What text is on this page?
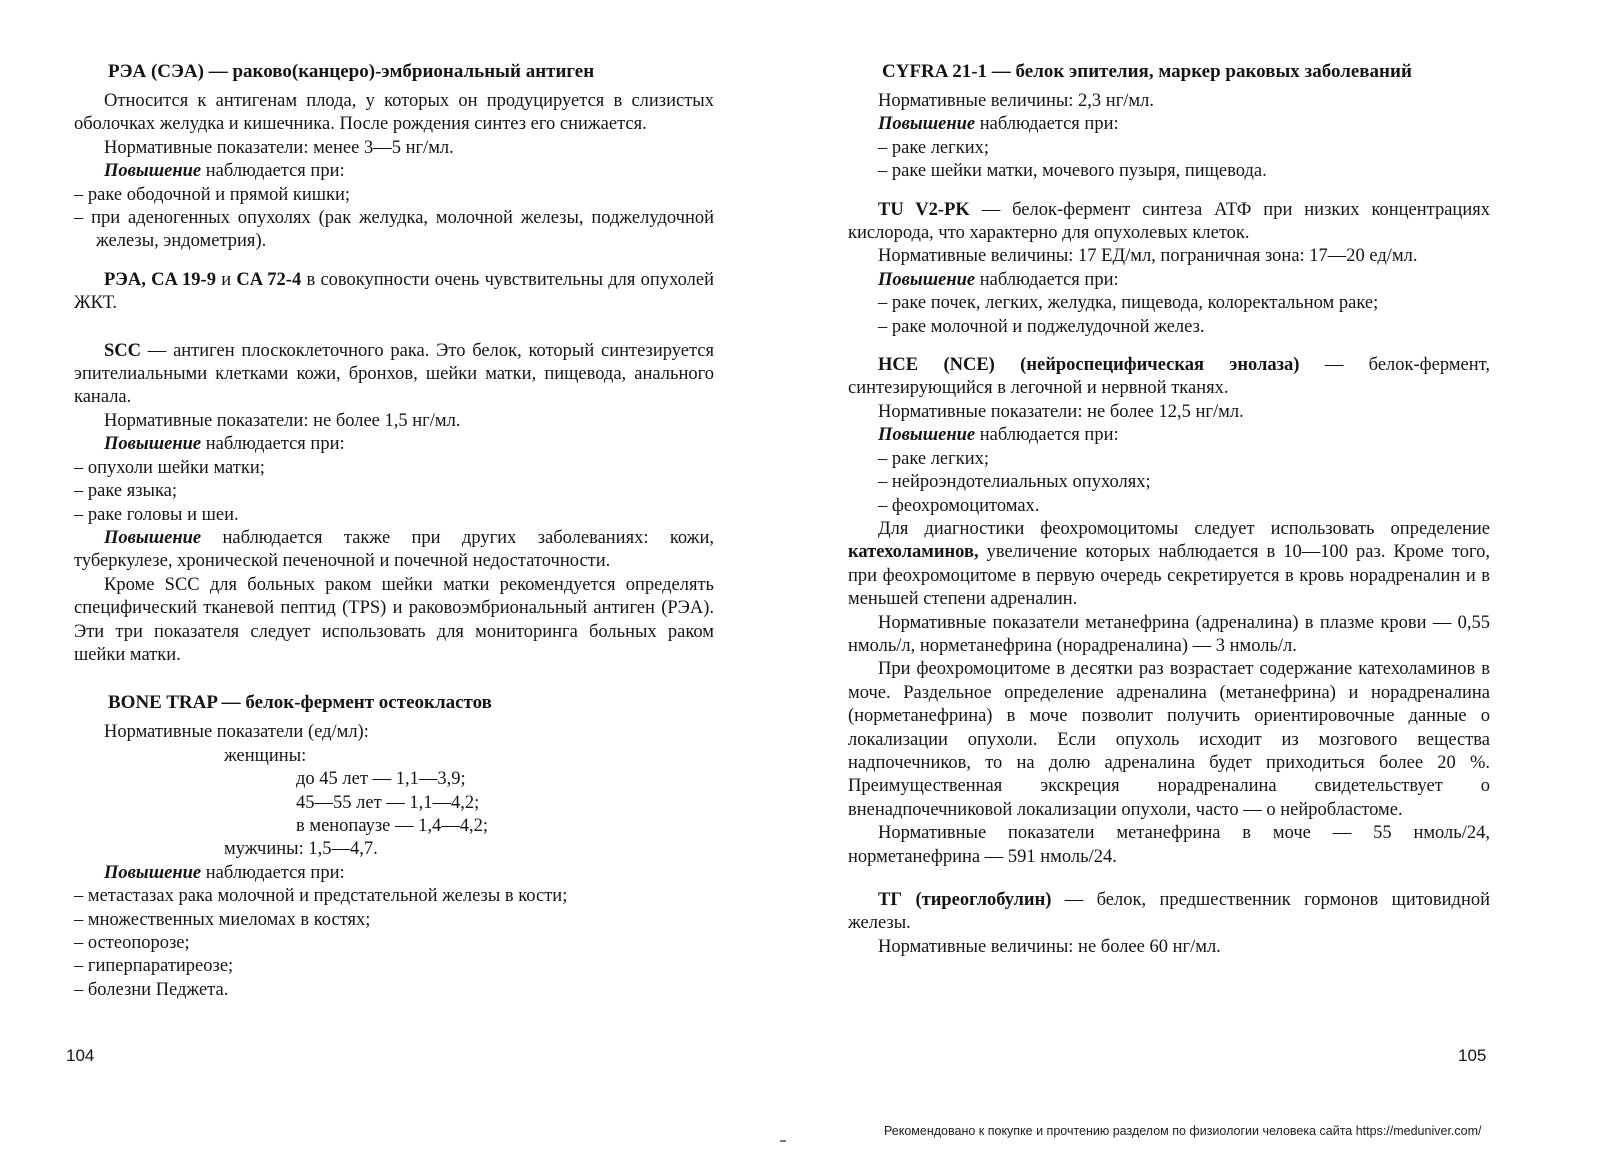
РЭА (СЭА) — раково(канцеро)-эмбриональный антиген

Относится к антигенам плода, у которых он продуцируется в слизистых оболочках желудка и кишечника. После рождения синтез его снижается.

Нормативные показатели: менее 3—5 нг/мл.

Повышение наблюдается при:

– раке ободочной и прямой кишки;
– при аденогенных опухолях (рак желудка, молочной железы, поджелудочной железы, эндометрия).

РЭА, CA 19-9 и CA 72-4 в совокупности очень чувствительны для опухолей ЖКТ.

SCC — антиген плоскоклеточного рака. Это белок, который синтезируется эпителиальными клетками кожи, бронхов, шейки матки, пищевода, анального канала.

Нормативные показатели: не более 1,5 нг/мл.

Повышение наблюдается при:

– опухоли шейки матки;
– раке языка;
– раке головы и шеи.

Повышение наблюдается также при других заболеваниях: кожи, туберкулезе, хронической печеночной и почечной недостаточности.

Кроме SCC для больных раком шейки матки рекомендуется определять специфический тканевой пептид (TPS) и раковоэмбриональный антиген (РЭА). Эти три показателя следует использовать для мониторинга больных раком шейки матки.

BONE TRAP — белок-фермент остеокластов

Нормативные показатели (ед/мл):

женщины:

до 45 лет — 1,1—3,9;

45—55 лет — 1,1—4,2;

в менопаузе — 1,4—4,2;

мужчины: 1,5—4,7.

Повышение наблюдается при:

– метастазах рака молочной и предстательной железы в кости;
– множественных миеломах в костях;
– остеопорозе;
– гиперпаратиреозе;
– болезни Педжета.
104
CYFRA 21-1 — белок эпителия, маркер раковых заболеваний

Нормативные величины: 2,3 нг/мл.

Повышение наблюдается при:

– раке легких;
– раке шейки матки, мочевого пузыря, пищевода.

TU V2-PK — белок-фермент синтеза АТФ при низких концентрациях кислорода, что характерно для опухолевых клеток.

Нормативные величины: 17 ЕД/мл, пограничная зона: 17—20 ед/мл.

Повышение наблюдается при:

– раке почек, легких, желудка, пищевода, колоректальном раке;
– раке молочной и поджелудочной желез.

НСЕ (NCE) (нейроспецифическая энолаза) — белок-фермент, синтезирующийся в легочной и нервной тканях.

Нормативные показатели: не более 12,5 нг/мл.

Повышение наблюдается при:

– раке легких;
– нейроэндотелиальных опухолях;
– феохромоцитомах.

Для диагностики феохромоцитомы следует использовать определение катехоламинов, увеличение которых наблюдается в 10—100 раз. Кроме того, при феохромоцитоме в первую очередь секретируется в кровь норадреналин и в меньшей степени адреналин.

Нормативные показатели метанефрина (адреналина) в плазме крови — 0,55 нмоль/л, норметанефрина (норадреналина) — 3 нмоль/л.

При феохромоцитоме в десятки раз возрастает содержание катехоламинов в моче. Раздельное определение адреналина (метанефрина) и норадреналина (норметанефрина) в моче позволит получить ориентировочные данные о локализации опухоли. Если опухоль исходит из мозгового вещества надпочечников, то на долю адреналина будет приходиться более 20 %. Преимущественная экскреция норадреналина свидетельствует о вненадпочечниковой локализации опухоли, часто — о нейробластоме.

Нормативные показатели метанефрина в моче — 55 нмоль/24, норметанефрина — 591 нмоль/24.

ТГ (тиреоглобулин) — белок, предшественник гормонов щитовидной железы.

Нормативные величины: не более 60 нг/мл.

105
Рекомендовано к покупке и прочтению разделом по физиологии человека сайта https://meduniver.com/
